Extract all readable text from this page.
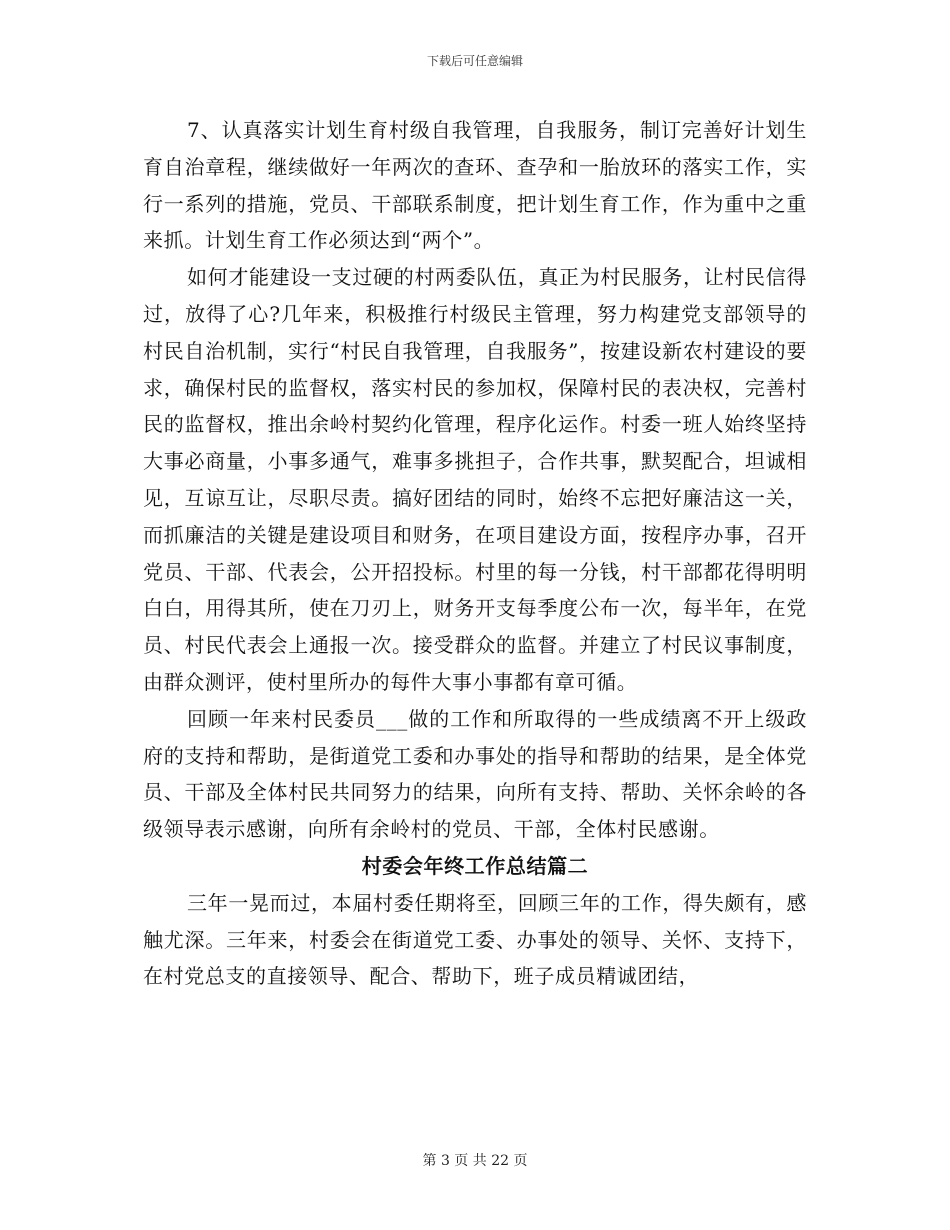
下载后可任意编辑

7、认真落实计划生育村级自我管理，自我服务，制订完善好计划生育自治章程，继续做好一年两次的查环、查孕和一胎放环的落实工作，实行一系列的措施，党员、干部联系制度，把计划生育工作，作为重中之重来抓。计划生育工作必须达到“两个”。

如何才能建设一支过硬的村两委队伍，真正为村民服务，让村民信得过，放得了心?几年来，积极推行村级民主管理，努力构建党支部领导的村民自治机制，实行“村民自我管理，自我服务”，按建设新农村建设的要求，确保村民的监督权，落实村民的参加权，保障村民的表决权，完善村民的监督权，推出余岭村契约化管理，程序化运作。村委一班人始终坚持大事必商量，小事多通气，难事多挑担子，合作共事，默契配合，坦诚相见，互谅互让，尽职尽责。搞好团结的同时，始终不忘把好廉洁这一关，而抓廉洁的关键是建设项目和财务，在项目建设方面，按程序办事，召开党员、干部、代表会，公开招投标。村里的每一分钱，村干部都花得明明白白，用得其所，使在刀刃上，财务开支每季度公布一次，每半年，在党员、村民代表会上通报一次。接受群众的监督。并建立了村民议事制度，由群众测评，使村里所办的每件大事小事都有章可循。

回顾一年来村民委员___做的工作和所取得的一些成绩离不开上级政府的支持和帮助，是街道党工委和办事处的指导和帮助的结果，是全体党员、干部及全体村民共同努力的结果，向所有支持、帮助、关怀余岭的各级领导表示感谢，向所有余岭村的党员、干部，全体村民感谢。

村委会年终工作总结篇二

三年一晃而过，本届村委任期将至，回顾三年的工作，得失颇有，感触尤深。三年来，村委会在街道党工委、办事处的领导、关怀、支持下，在村党总支的直接领导、配合、帮助下，班子成员精诚团结，

第 3 页 共 22 页
